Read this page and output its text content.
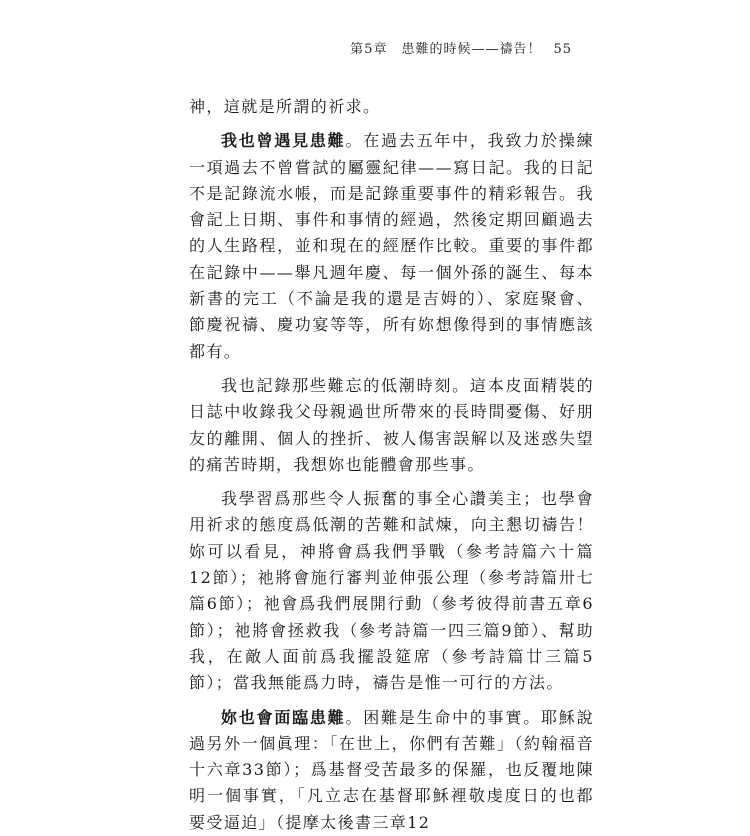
第5章　患難的時候——禱告！ 55

神，這就是所謂的祈求。

我也曾遇見患難。在過去五年中，我致力於操練一項過去不曾嘗試的屬靈紀律——寫日記。我的日記不是記錄流水帳，而是記錄重要事件的精彩報告。我會記上日期、事件和事情的經過，然後定期回顧過去的人生路程，並和現在的經歷作比較。重要的事件都在記錄中——舉凡週年慶、每一個外孫的誕生、每本新書的完工（不論是我的還是吉姆的）、家庭聚會、節慶祝禱、慶功宴等等，所有妳想像得到的事情應該都有。

我也記錄那些難忘的低潮時刻。這本皮面精裝的日誌中收錄我父母親過世所帶來的長時間憂傷、好朋友的離開、個人的挫折、被人傷害誤解以及迷惑失望的痛苦時期，我想妳也能體會那些事。

我學習爲那些令人振奮的事全心讚美主；也學會用祈求的態度爲低潮的苦難和試煉，向主懇切禱告！妳可以看見，神將會爲我們爭戰（參考詩篇六十篇12節）；祂將會施行審判並伸張公理（參考詩篇卅七篇6節）；祂會爲我們展開行動（參考彼得前書五章6節）；祂將會拯救我（參考詩篇一四三篇9節）、幫助我，在敵人面前爲我擺設筵席（參考詩篇廿三篇5節）；當我無能爲力時，禱告是惟一可行的方法。

妳也會面臨患難。困難是生命中的事實。耶穌說過另外一個眞理：「在世上，你們有苦難」（約翰福音十六章33節）；爲基督受苦最多的保羅，也反覆地陳明一個事實，「凡立志在基督耶穌裡敬虔度日的也都要受逼迫」（提摩太後書三章12
